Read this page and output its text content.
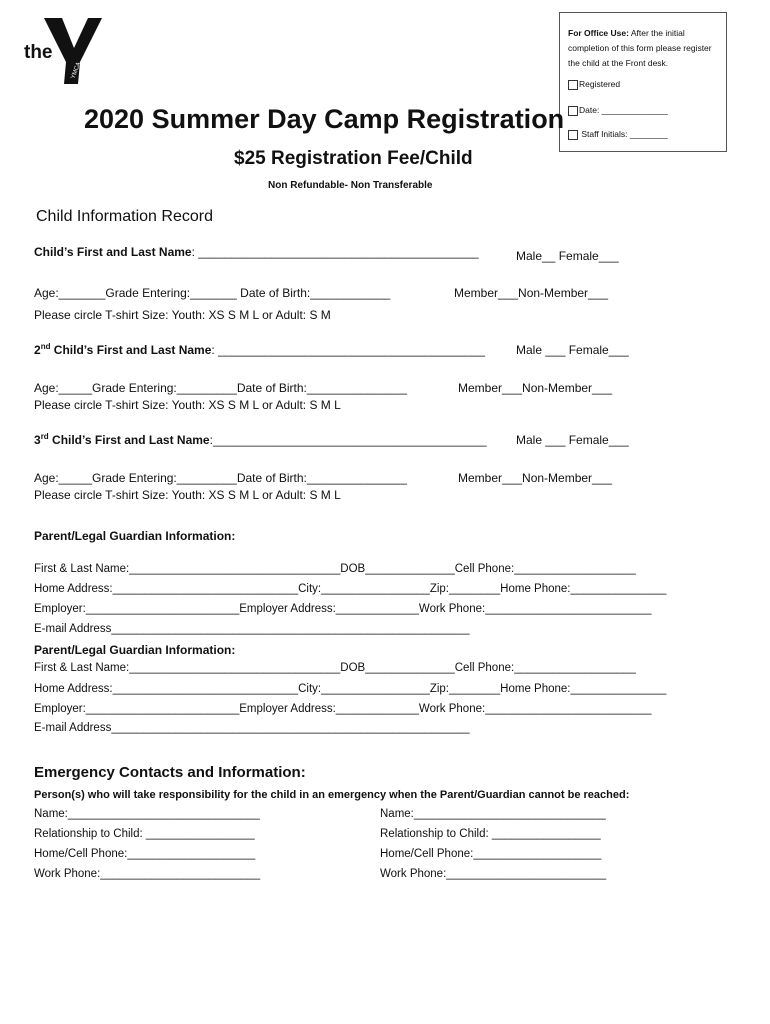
the
YMCA
For Office Use: After the initial completion of this form please register the child at the Front desk.
Registered
Date: ______________
Staff Initials: ________
2020 Summer Day Camp Registration
$25 Registration Fee/Child
Non Refundable- Non Transferable
Child Information Record
Child’s First and Last Name: __________________________________________	Male__ Female___
Age:_______Grade Entering:_______ Date of Birth:____________	Member___Non-Member___
Please circle T-shirt Size: Youth: XS S M L or Adult: S M
2nd Child’s First and Last Name: ________________________________________	Male ___ Female___
Age:_____Grade Entering:_________Date of Birth:_______________	Member___Non-Member___
Please circle T-shirt Size: Youth: XS S M L or Adult: S M L
3rd Child’s First and Last Name:_________________________________________ Male ___ Female___
Age:_____Grade Entering:_________Date of Birth:_______________	Member___Non-Member___
Please circle T-shirt Size: Youth: XS S M L or Adult: S M L
Parent/Legal Guardian Information:
First & Last Name:_________________________________DOB______________Cell Phone:___________________
Home Address:_____________________________City:_________________Zip:________Home Phone:_______________
Employer:________________________Employer Address:_____________Work Phone:__________________________
E-mail Address________________________________________________________
Parent/Legal Guardian Information:
First & Last Name:_________________________________DOB______________Cell Phone:___________________
Home Address:_____________________________City:_________________Zip:________Home Phone:_______________
Employer:________________________Employer Address:_____________Work Phone:__________________________
E-mail Address________________________________________________________
Emergency Contacts and Information:
Person(s) who will take responsibility for the child in an emergency when the Parent/Guardian cannot be reached:
Name:______________________________
Relationship to Child: _________________
Home/Cell Phone:____________________
Work Phone:_________________________
Name:______________________________
Relationship to Child: _________________
Home/Cell Phone:____________________
Work Phone:_________________________
